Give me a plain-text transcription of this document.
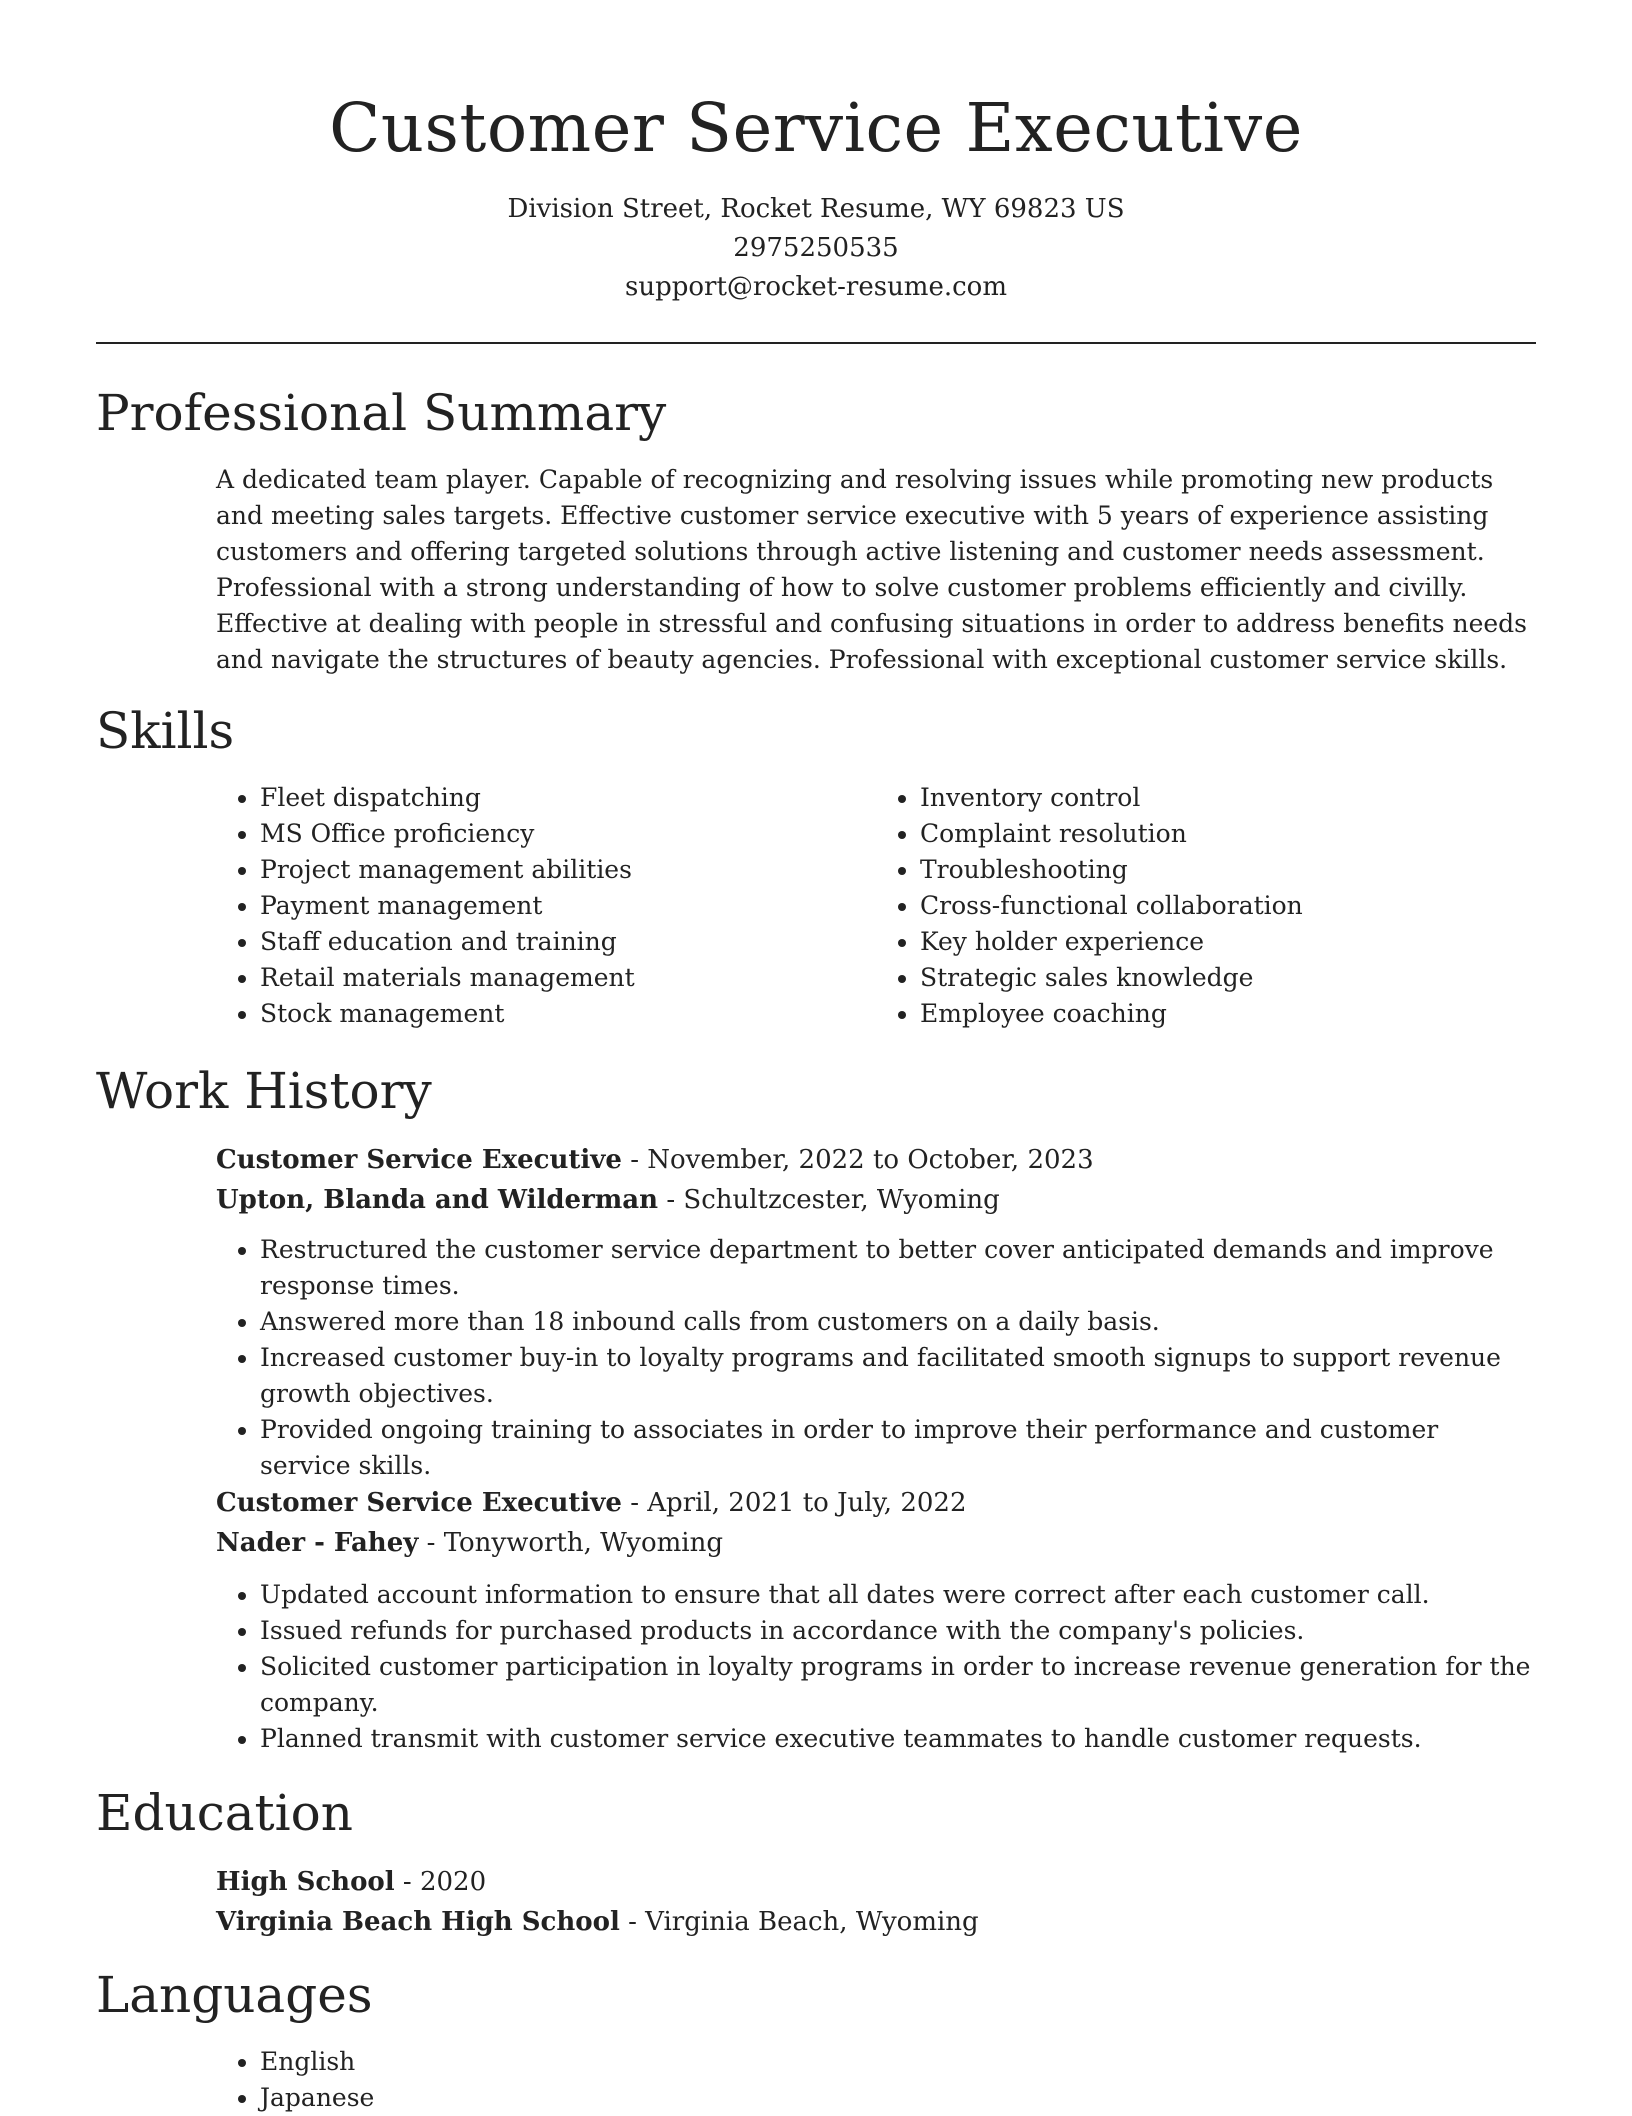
Customer Service Executive
Division Street, Rocket Resume, WY 69823 US
2975250535
support@rocket-resume.com
Professional Summary

A dedicated team player. Capable of recognizing and resolving issues while promoting new products and meeting sales targets. Effective customer service executive with 5 years of experience assisting customers and offering targeted solutions through active listening and customer needs assessment. Professional with a strong understanding of how to solve customer problems efficiently and civilly. Effective at dealing with people in stressful and confusing situations in order to address benefits needs and navigate the structures of beauty agencies. Professional with exceptional customer service skills.

Skills
• Fleet dispatching
• MS Office proficiency
• Project management abilities
• Payment management
• Staff education and training
• Retail materials management
• Stock management
• Inventory control
• Complaint resolution
• Troubleshooting
• Cross-functional collaboration
• Key holder experience
• Strategic sales knowledge
• Employee coaching
Work History
Customer Service Executive - November, 2022 to October, 2023
Upton, Blanda and Wilderman - Schultzcester, Wyoming
• Restructured the customer service department to better cover anticipated demands and improve response times.
• Answered more than 18 inbound calls from customers on a daily basis.
• Increased customer buy-in to loyalty programs and facilitated smooth signups to support revenue growth objectives.
• Provided ongoing training to associates in order to improve their performance and customer service skills.
Customer Service Executive - April, 2021 to July, 2022
Nader - Fahey - Tonyworth, Wyoming
• Updated account information to ensure that all dates were correct after each customer call.
• Issued refunds for purchased products in accordance with the company's policies.
• Solicited customer participation in loyalty programs in order to increase revenue generation for the company.
• Planned transmit with customer service executive teammates to handle customer requests.
Education
High School - 2020
Virginia Beach High School - Virginia Beach, Wyoming
Languages
• English
• Japanese
